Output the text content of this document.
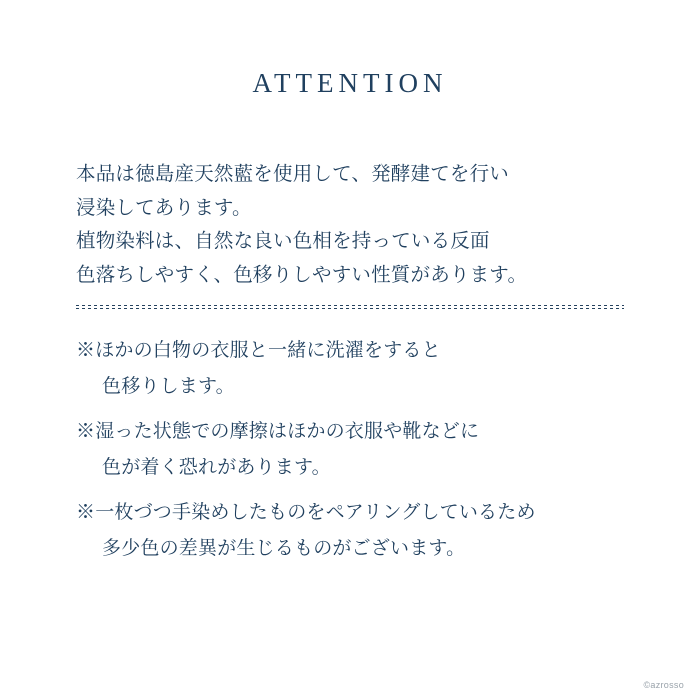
ATTENTION
本品は徳島産天然藍を使用して、発酵建てを行い
浸染してあります。
植物染料は、自然な良い色相を持っている反面
色落ちしやすく、色移りしやすい性質があります。
※ほかの白物の衣服と一緒に洗濯をすると
色移りします。
※湿った状態での摩擦はほかの衣服や靴などに
色が着く恐れがあります。
※一枚づつ手染めしたものをペアリングしているため
多少色の差異が生じるものがございます。
©azrosso
